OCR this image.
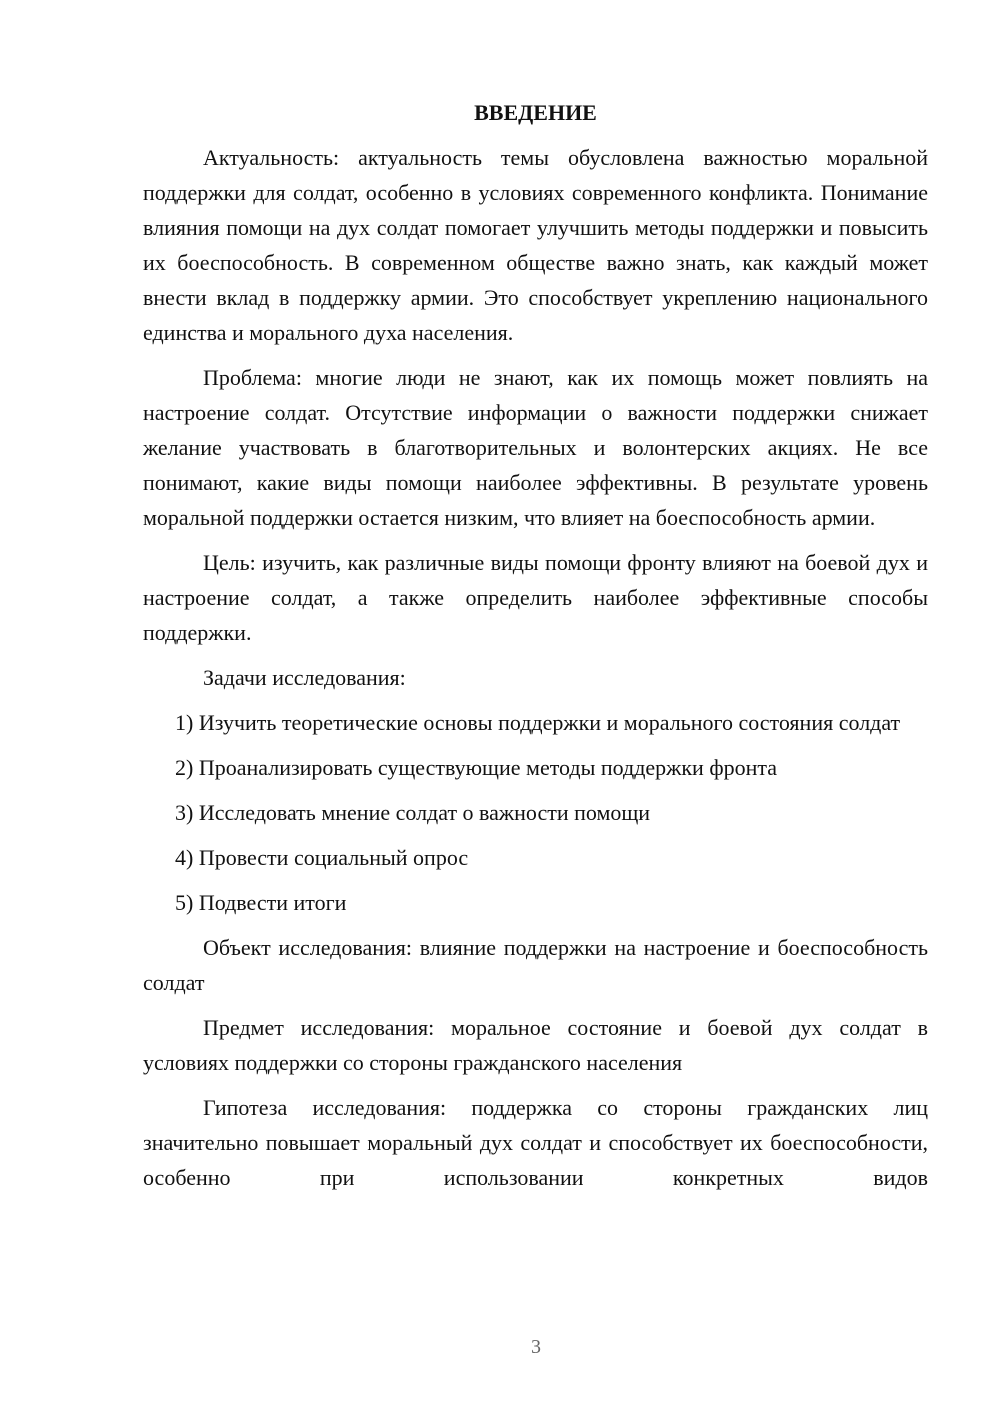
ВВЕДЕНИЕ

Актуальность: актуальность темы обусловлена важностью моральной поддержки для солдат, особенно в условиях современного конфликта. Понимание влияния помощи на дух солдат помогает улучшить методы поддержки и повысить их боеспособность. В современном обществе важно знать, как каждый может внести вклад в поддержку армии. Это способствует укреплению национального единства и морального духа населения.

Проблема: многие люди не знают, как их помощь может повлиять на настроение солдат. Отсутствие информации о важности поддержки снижает желание участвовать в благотворительных и волонтерских акциях. Не все понимают, какие виды помощи наиболее эффективны. В результате уровень моральной поддержки остается низким, что влияет на боеспособность армии.

Цель: изучить, как различные виды помощи фронту влияют на боевой дух и настроение солдат, а также определить наиболее эффективные способы поддержки.

Задачи исследования:

1) Изучить теоретические основы поддержки и морального состояния солдат

2) Проанализировать существующие методы поддержки фронта

3) Исследовать мнение солдат о важности помощи

4) Провести социальный опрос

5) Подвести итоги

Объект исследования: влияние поддержки на настроение и боеспособность солдат

Предмет исследования: моральное состояние и боевой дух солдат в условиях поддержки со стороны гражданского населения

Гипотеза исследования: поддержка со стороны гражданских лиц значительно повышает моральный дух солдат и способствует их боеспособности, особенно при использовании конкретных видов

3
